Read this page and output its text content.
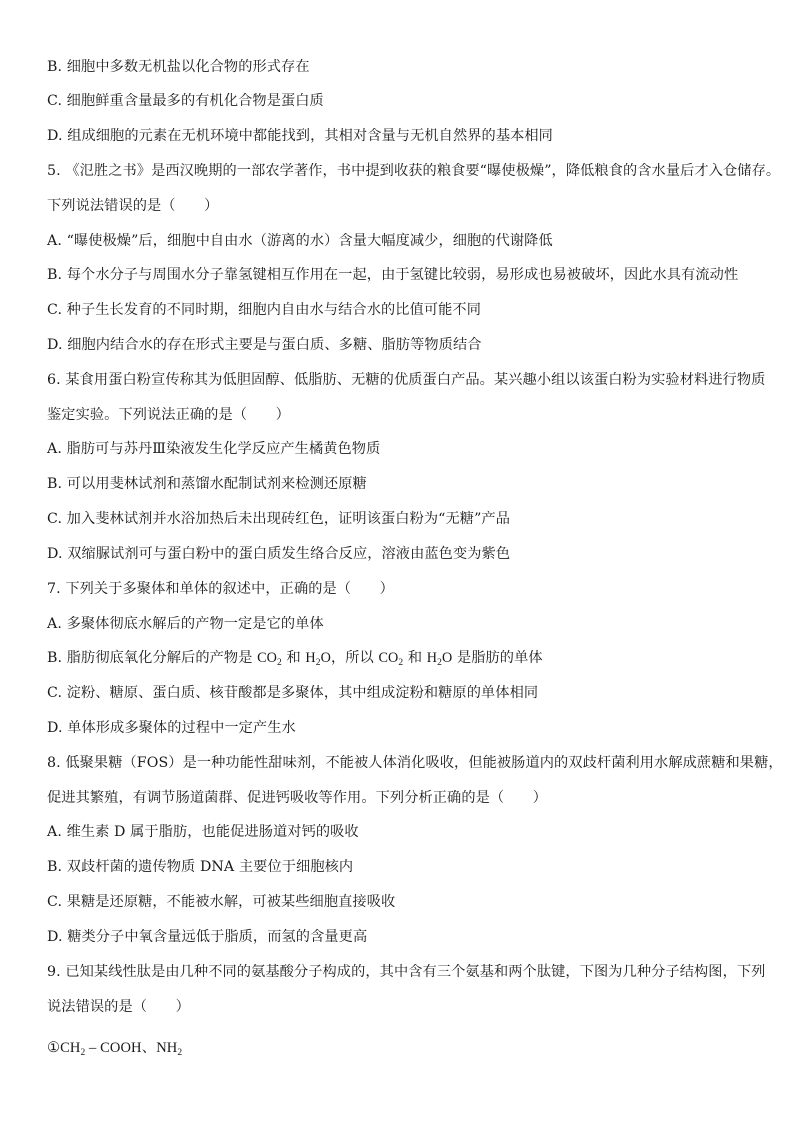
B. 细胞中多数无机盐以化合物的形式存在
C. 细胞鲜重含量最多的有机化合物是蛋白质
D. 组成细胞的元素在无机环境中都能找到，其相对含量与无机自然界的基本相同
5. 《氾胜之书》是西汉晚期的一部农学著作，书中提到收获的粮食要“曝使极燥”，降低粮食的含水量后才入仓储存。
下列说法错误的是（　　）
A. “曝使极燥”后，细胞中自由水（游离的水）含量大幅度减少，细胞的代谢降低
B. 每个水分子与周围水分子靠氢键相互作用在一起，由于氢键比较弱，易形成也易被破坏，因此水具有流动性
C. 种子生长发育的不同时期，细胞内自由水与结合水的比值可能不同
D. 细胞内结合水的存在形式主要是与蛋白质、多糖、脂肪等物质结合
6. 某食用蛋白粉宣传称其为低胆固醇、低脂肪、无糖的优质蛋白产品。某兴趣小组以该蛋白粉为实验材料进行物质
鉴定实验。下列说法正确的是（　　）
A. 脂肪可与苏丹Ⅲ染液发生化学反应产生橘黄色物质
B. 可以用斐林试剂和蒸馏水配制试剂来检测还原糖
C. 加入斐林试剂并水浴加热后未出现砖红色，证明该蛋白粉为“无糖”产品
D. 双缩脲试剂可与蛋白粉中的蛋白质发生络合反应，溶液由蓝色变为紫色
7. 下列关于多聚体和单体的叙述中，正确的是（　　）
A. 多聚体彻底水解后的产物一定是它的单体
B. 脂肪彻底氧化分解后的产物是 $CO_2$ 和 $H_2O$，所以 $CO_2$ 和 $H_2O$ 是脂肪的单体
C. 淀粉、糖原、蛋白质、核苷酸都是多聚体，其中组成淀粉和糖原的单体相同
D. 单体形成多聚体的过程中一定产生水
8. 低聚果糖（FOS）是一种功能性甜味剂，不能被人体消化吸收，但能被肠道内的双歧杆菌利用水解成蔗糖和果糖，
促进其繁殖，有调节肠道菌群、促进钙吸收等作用。下列分析正确的是（　　）
A. 维生素 D 属于脂肪，也能促进肠道对钙的吸收
B. 双歧杆菌的遗传物质 DNA 主要位于细胞核内
C. 果糖是还原糖，不能被水解，可被某些细胞直接吸收
D. 糖类分子中氧含量远低于脂质，而氢的含量更高
9. 已知某线性肽是由几种不同的氨基酸分子构成的，其中含有三个氨基和两个肽键，下图为几种分子结构图，下列
说法错误的是（　　）
$①CH_2$ – COOH、$NH_2$
